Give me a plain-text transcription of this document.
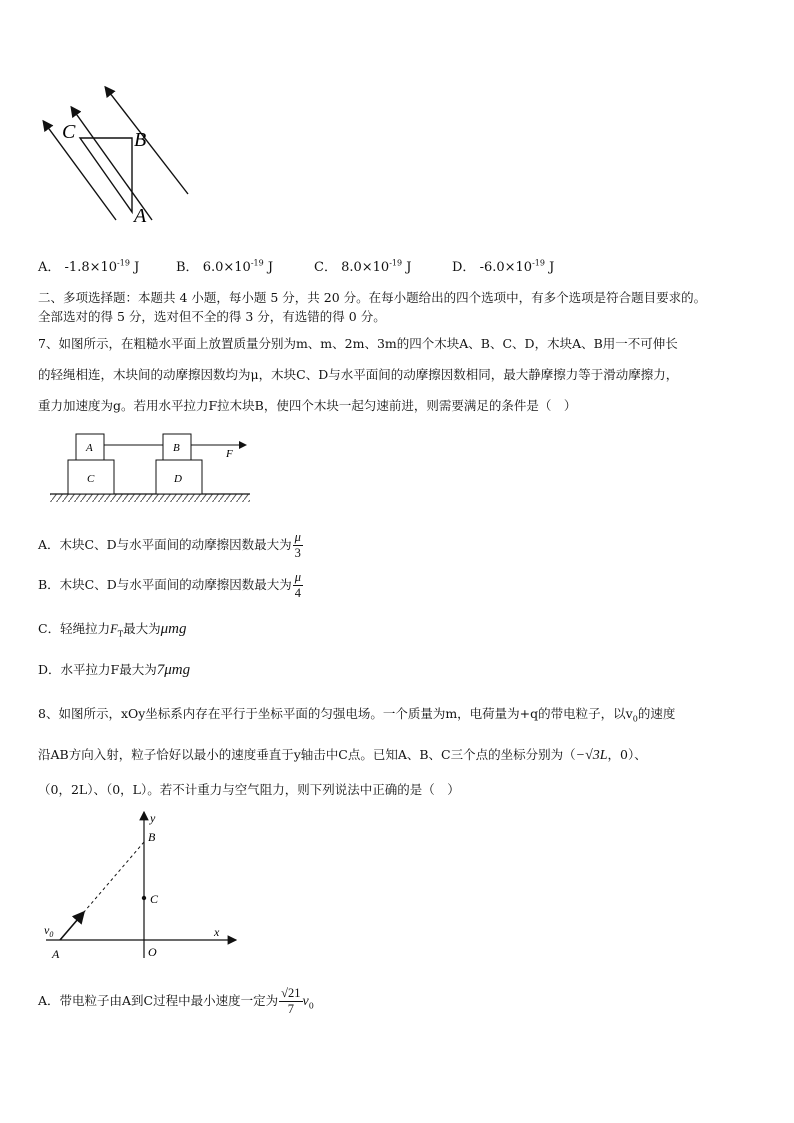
C	B
A
A． $-1.8\times 10^{-19}$ J	B． $6.0\times 10^{-19}$ J	C． $8.0\times 10^{-19}$ J	D． $-6.0\times 10^{-19}$ J
二、多项选择题：本题共 4 小题，每小题 5 分，共 20 分。在每小题给出的四个选项中，有多个选项是符合题目要求的。
全部选对的得 5 分，选对但不全的得 3 分，有选错的得 0 分。
7、如图所示，在粗糙水平面上放置质量分别为m、m、2m、3m的四个木块A、B、C、D，木块A、B用一不可伸长
的轻绳相连，木块间的动摩擦因数均为μ，木块C、D与水平面间的动摩擦因数相同，最大静摩擦力等于滑动摩擦力，
重力加速度为g。若用水平拉力F拉木块B，使四个木块一起匀速前进，则需要满足的条件是（　）
A	B
C	D
F
A．木块C、D与水平面间的动摩擦因数最大为 $\frac{\mu}{3}$
B．木块C、D与水平面间的动摩擦因数最大为 $\frac{\mu}{4}$
C．轻绳拉力$F_T$最大为μmg
D．水平拉力F最大为7μmg
8、如图所示，xOy坐标系内存在平行于坐标平面的匀强电场。一个质量为m，电荷量为+q的带电粒子，以$v_0$的速度
沿AB方向入射，粒子恰好以最小的速度垂直于y轴击中C点。已知A、B、C三个点的坐标分别为（−√3L，0）、
（0，2L）、（0，L）。若不计重力与空气阻力，则下列说法中正确的是（　）
y
x
B
C
O
A
$v_0$
A．带电粒子由A到C过程中最小速度一定为 $\frac{√21}{7} v_0$
